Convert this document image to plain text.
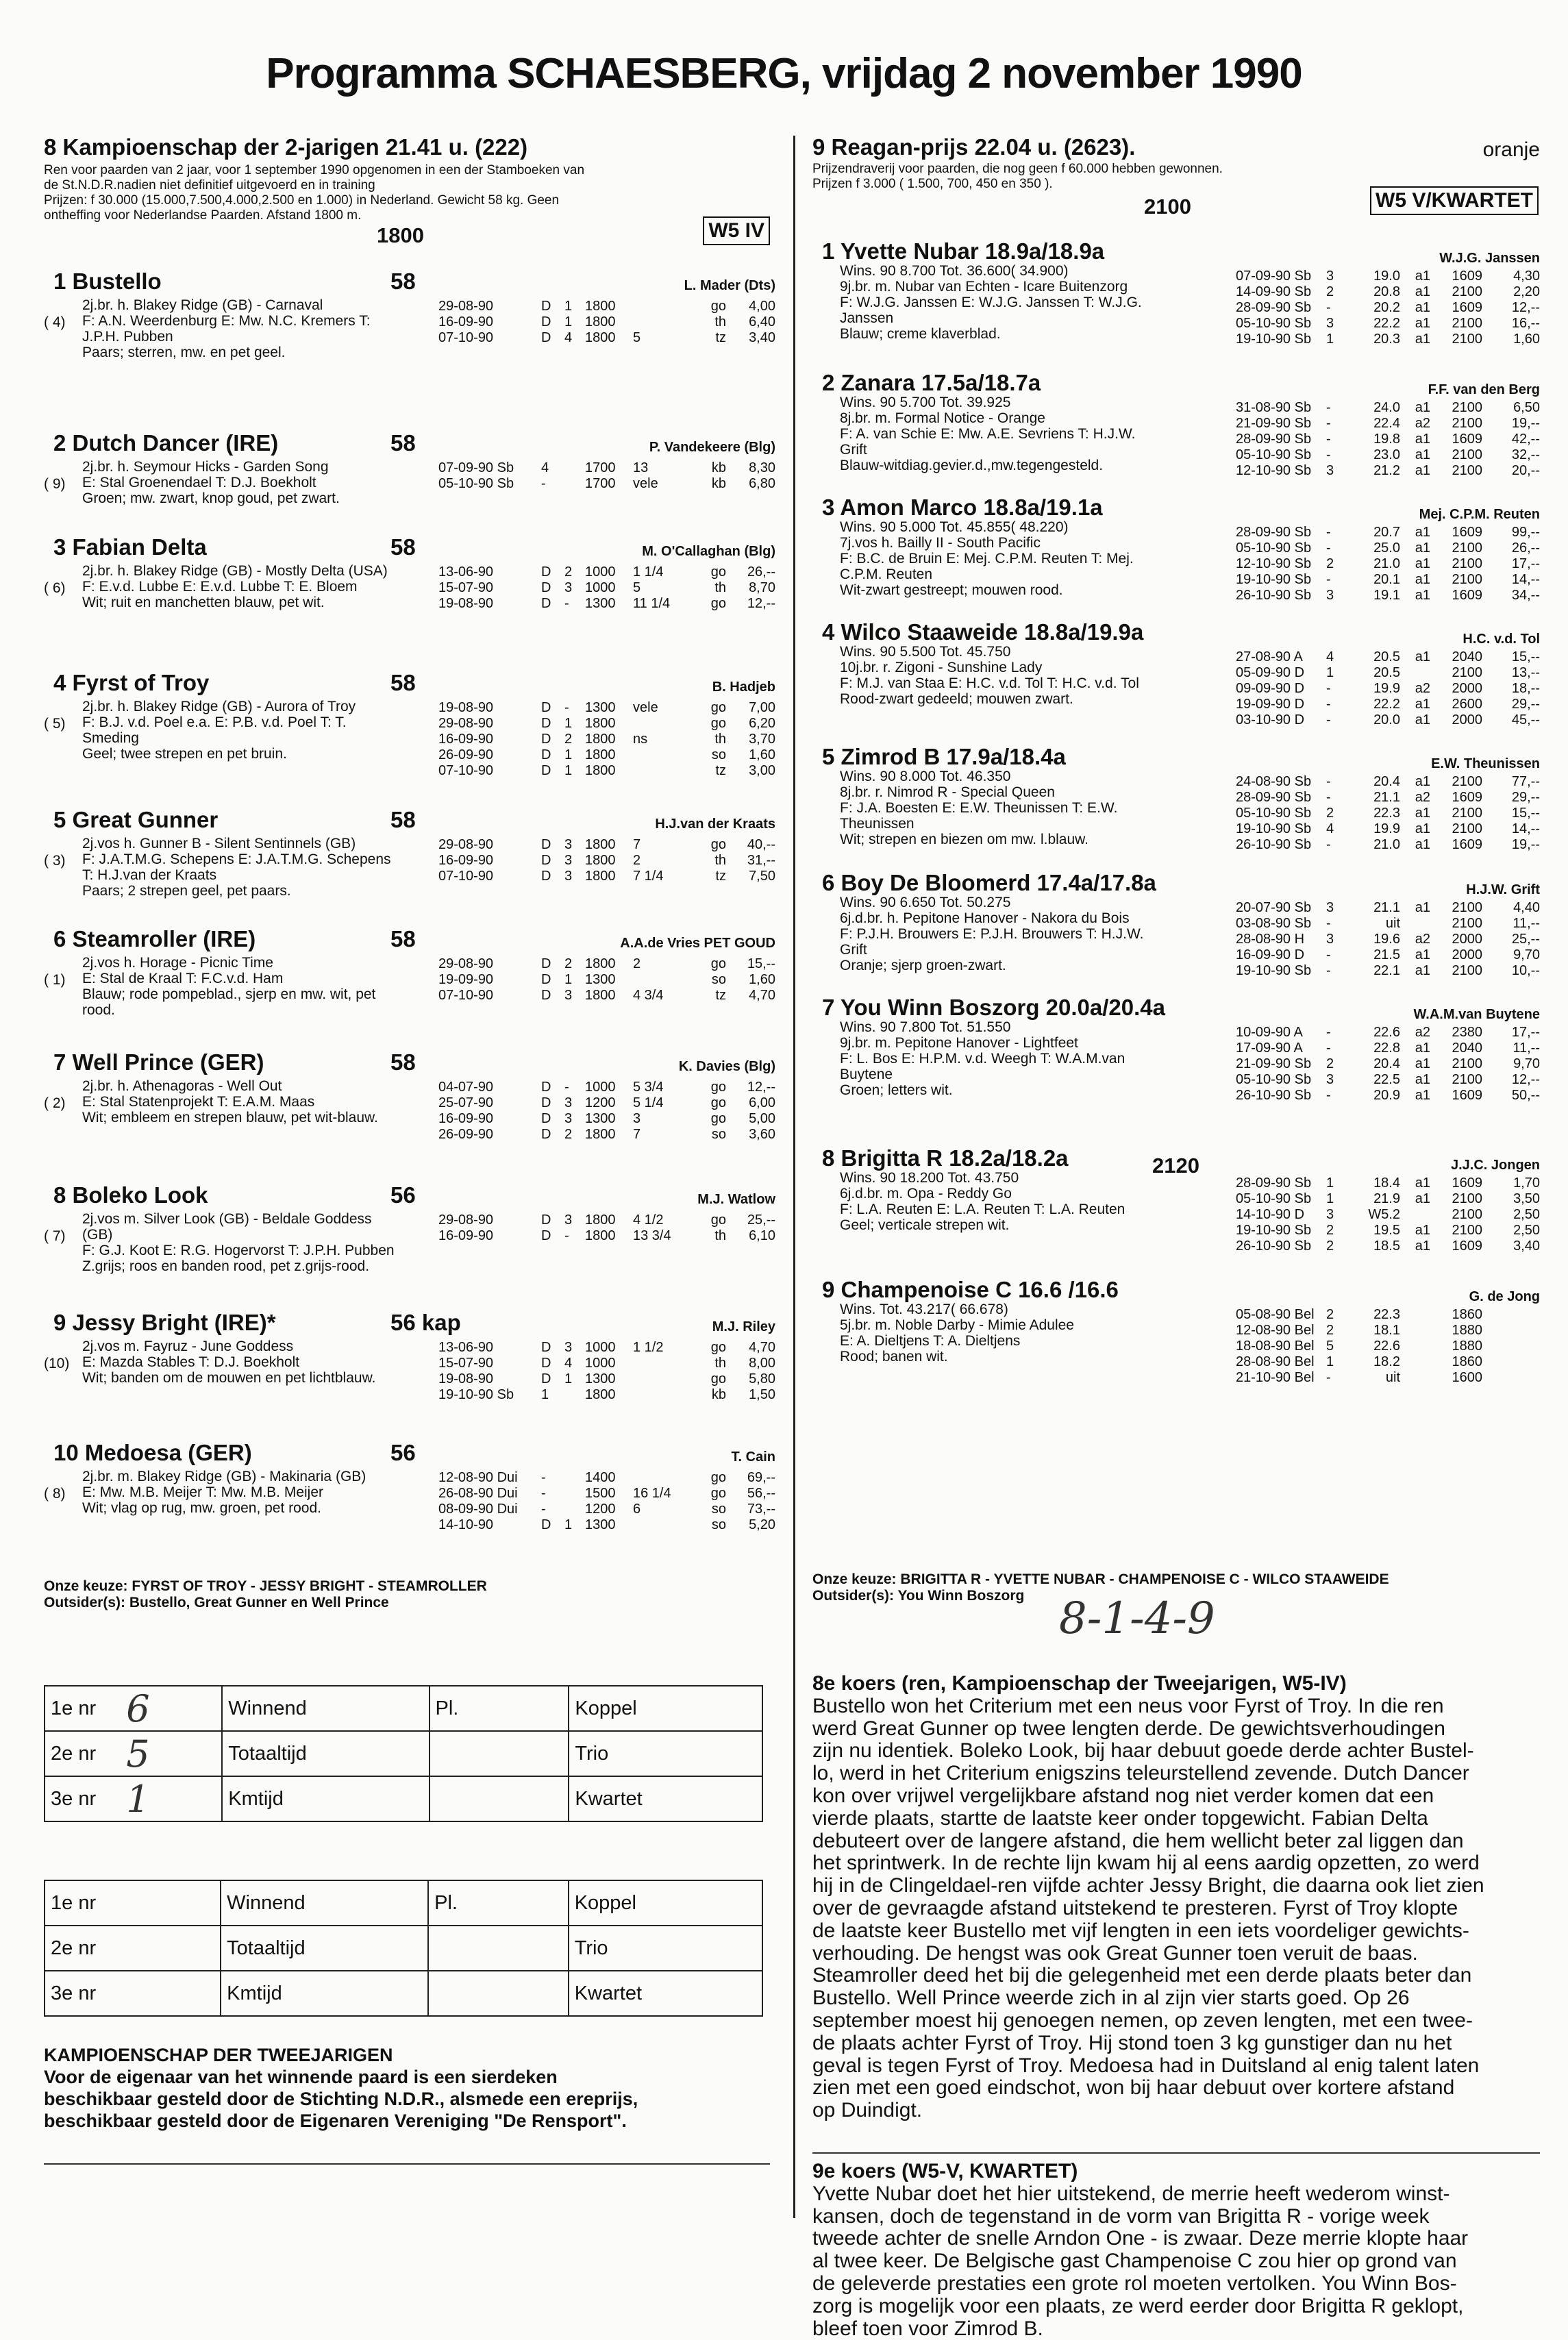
Programma SCHAESBERG, vrijdag 2 november 1990
8 Kampioenschap der 2-jarigen 21.41 u. (222)
Ren voor paarden van 2 jaar, voor 1 september 1990 opgenomen in een der Stamboeken van
de St.N.D.R.nadien niet definitief uitgevoerd en in training
Prijzen: f 30.000 (15.000,7.500,4.000,2.500 en 1.000) in Nederland. Gewicht 58 kg. Geen
ontheffing voor Nederlandse Paarden. Afstand 1800 m.
1800	W5 IV
1 Bustello	58	L. Mader (Dts)
( 4)
2j.br. h. Blakey Ridge (GB) - Carnaval
F: A.N. Weerdenburg E: Mw. N.C. Kremers T:
J.P.H. Pubben
Paars; sterren, mw. en pet geel.
29-08-90	D 1 1800	go	4,00
16-09-90	D 1 1800	th	6,40
07-10-90	D 4 1800	5	tz	3,40
2 Dutch Dancer (IRE)	58	P. Vandekeere (Blg)
( 9)
2j.br. h. Seymour Hicks - Garden Song
E: Stal Groenendael T: D.J. Boekholt
Groen; mw. zwart, knop goud, pet zwart.
07-09-90 Sb	4	1700	13	kb	8,30
05-10-90 Sb	-	1700	vele	kb	6,80
3 Fabian Delta	58	M. O'Callaghan (Blg)
( 6)
2j.br. h. Blakey Ridge (GB) - Mostly Delta (USA)
F: E.v.d. Lubbe E: E.v.d. Lubbe T: E. Bloem
Wit; ruit en manchetten blauw, pet wit.
13-06-90	D 2 1000	1 1/4	go	26,--
15-07-90	D 3 1000	5	th	8,70
19-08-90	D -	1300	11 1/4	go	12,--
4 Fyrst of Troy	58	B. Hadjeb
( 5)
2j.br. h. Blakey Ridge (GB) - Aurora of Troy
F: B.J. v.d. Poel e.a. E: P.B. v.d. Poel T: T.
Smeding
Geel; twee strepen en pet bruin.
19-08-90	D -	1300	vele	go	7,00
29-08-90	D 1 1800	go	6,20
16-09-90	D 2 1800	ns	th	3,70
26-09-90	D 1 1800	so	1,60
07-10-90	D 1 1800	tz	3,00
5 Great Gunner	58	H.J.van der Kraats
( 3)
2j.vos h. Gunner B - Silent Sentinnels (GB)
F: J.A.T.M.G. Schepens E: J.A.T.M.G. Schepens
T: H.J.van der Kraats
Paars; 2 strepen geel, pet paars.
29-08-90	D 3 1800	7	go	40,--
16-09-90	D 3 1800	2	th	31,--
07-10-90	D 3 1800	7 1/4	tz	7,50
6 Steamroller (IRE)	58	A.A.de Vries PET GOUD
( 1)
2j.vos h. Horage - Picnic Time
E: Stal de Kraal T: F.C.v.d. Ham
Blauw; rode pompeblad., sjerp en mw. wit, pet
rood.
29-08-90	D 2 1800	2	go	15,--
19-09-90	D 1 1300	so	1,60
07-10-90	D 3 1800	4 3/4	tz	4,70
7 Well Prince (GER)	58	K. Davies (Blg)
( 2)
2j.br. h. Athenagoras - Well Out
E: Stal Statenprojekt T: E.A.M. Maas
Wit; embleem en strepen blauw, pet wit-blauw.
04-07-90	D -	1000	5 3/4	go	12,--
25-07-90	D 3 1200	5 1/4	go	6,00
16-09-90	D 3 1300	3	go	5,00
26-09-90	D 2 1800	7	so	3,60
8 Boleko Look	56	M.J. Watlow
( 7)
2j.vos m. Silver Look (GB) - Beldale Goddess
(GB)
F: G.J. Koot E: R.G. Hogervorst T: J.P.H. Pubben
Z.grijs; roos en banden rood, pet z.grijs-rood.
29-08-90	D 3 1800	4 1/2	go	25,--
16-09-90	D -	1800	13 3/4	th	6,10
9 Jessy Bright (IRE)*	56 kap	M.J. Riley
(10)
2j.vos m. Fayruz - June Goddess
E: Mazda Stables T: D.J. Boekholt
Wit; banden om de mouwen en pet lichtblauw.
13-06-90	D 3 1000	1 1/2	go	4,70
15-07-90	D 4 1000	th	8,00
19-08-90	D 1 1300	go	5,80
19-10-90 Sb	1	1800	kb	1,50
10 Medoesa (GER)	56	T. Cain
( 8)
2j.br. m. Blakey Ridge (GB) - Makinaria (GB)
E: Mw. M.B. Meijer T: Mw. M.B. Meijer
Wit; vlag op rug, mw. groen, pet rood.
12-08-90 Dui	-	1400	go	69,--
26-08-90 Dui	-	1500	16 1/4	go	56,--
08-09-90 Dui	-	1200	6	so	73,--
14-10-90	D 1 1300	so	5,20
Onze keuze: FYRST OF TROY - JESSY BRIGHT - STEAMROLLER
Outsider(s): Bustello, Great Gunner en Well Prince
1e nr	6	Winnend	Pl.	Koppel
2e nr	5	Totaaltijd		Trio
3e nr	1	Kmtijd		Kwartet
1e nr		Winnend	Pl.	Koppel
2e nr		Totaaltijd		Trio
3e nr		Kmtijd		Kwartet
KAMPIOENSCHAP DER TWEEJARIGEN
Voor de eigenaar van het winnende paard is een sierdeken
beschikbaar gesteld door de Stichting N.D.R., alsmede een ereprijs,
beschikbaar gesteld door de Eigenaren Vereniging "De Rensport".
9 Reagan-prijs 22.04 u. (2623).	oranje
Prijzendraverij voor paarden, die nog geen f 60.000 hebben gewonnen.
Prijzen f 3.000 ( 1.500, 700, 450 en 350 ).
2100	W5 V/KWARTET
1 Yvette Nubar 18.9a/18.9a	W.J.G. Janssen
Wins. 90 8.700 Tot. 36.600( 34.900)
9j.br. m. Nubar van Echten - Icare Buitenzorg
F: W.J.G. Janssen E: W.J.G. Janssen T: W.J.G.
Janssen
Blauw; creme klaverblad.
07-09-90 Sb	3	19.0	a1	1609	4,30
14-09-90 Sb	2	20.8	a1	2100	2,20
28-09-90 Sb	-	20.2	a1	1609	12,--
05-10-90 Sb	3	22.2	a1	2100	16,--
19-10-90 Sb	1	20.3	a1	2100	1,60
2 Zanara 17.5a/18.7a	F.F. van den Berg
Wins. 90 5.700 Tot. 39.925
8j.br. m. Formal Notice - Orange
F: A. van Schie E: Mw. A.E. Sevriens T: H.J.W.
Grift
Blauw-witdiag.gevier.d.,mw.tegengesteld.
31-08-90 Sb	-	24.0	a1	2100	6,50
21-09-90 Sb	-	22.4	a2	2100	19,--
28-09-90 Sb	-	19.8	a1	1609	42,--
05-10-90 Sb	-	23.0	a1	2100	32,--
12-10-90 Sb	3	21.2	a1	2100	20,--
3 Amon Marco 18.8a/19.1a	Mej. C.P.M. Reuten
Wins. 90 5.000 Tot. 45.855( 48.220)
7j.vos h. Bailly II - South Pacific
F: B.C. de Bruin E: Mej. C.P.M. Reuten T: Mej.
C.P.M. Reuten
Wit-zwart gestreept; mouwen rood.
28-09-90 Sb	-	20.7	a1	1609	99,--
05-10-90 Sb	-	25.0	a1	2100	26,--
12-10-90 Sb	2	21.0	a1	2100	17,--
19-10-90 Sb	-	20.1	a1	2100	14,--
26-10-90 Sb	3	19.1	a1	1609	34,--
4 Wilco Staaweide 18.8a/19.9a	H.C. v.d. Tol
Wins. 90 5.500 Tot. 45.750
10j.br. r. Zigoni - Sunshine Lady
F: M.J. van Staa E: H.C. v.d. Tol T: H.C. v.d. Tol
Rood-zwart gedeeld; mouwen zwart.
27-08-90 A	4	20.5	a1	2040	15,--
05-09-90 D	1	20.5	2100	13,--
09-09-90 D	-	19.9	a2	2000	18,--
19-09-90 D	-	22.2	a1	2600	29,--
03-10-90 D	-	20.0	a1	2000	45,--
5 Zimrod B 17.9a/18.4a	E.W. Theunissen
Wins. 90 8.000 Tot. 46.350
8j.br. r. Nimrod R - Special Queen
F: J.A. Boesten E: E.W. Theunissen T: E.W.
Theunissen
Wit; strepen en biezen om mw. l.blauw.
24-08-90 Sb	-	20.4	a1	2100	77,--
28-09-90 Sb	-	21.1	a2	1609	29,--
05-10-90 Sb	2	22.3	a1	2100	15,--
19-10-90 Sb	4	19.9	a1	2100	14,--
26-10-90 Sb	-	21.0	a1	1609	19,--
6 Boy De Bloomerd 17.4a/17.8a	H.J.W. Grift
Wins. 90 6.650 Tot. 50.275
6j.d.br. h. Pepitone Hanover - Nakora du Bois
F: P.J.H. Brouwers E: P.J.H. Brouwers T: H.J.W.
Grift
Oranje; sjerp groen-zwart.
20-07-90 Sb	3	21.1	a1	2100	4,40
03-08-90 Sb	-	uit	2100	11,--
28-08-90 H	3	19.6	a2	2000	25,--
16-09-90 D	-	21.5	a1	2000	9,70
19-10-90 Sb	-	22.1	a1	2100	10,--
7 You Winn Boszorg 20.0a/20.4a	W.A.M.van Buytene
Wins. 90 7.800 Tot. 51.550
9j.br. m. Pepitone Hanover - Lightfeet
F: L. Bos E: H.P.M. v.d. Weegh T: W.A.M.van
Buytene
Groen; letters wit.
10-09-90 A	-	22.6	a2	2380	17,--
17-09-90 A	-	22.8	a1	2040	11,--
21-09-90 Sb	2	20.4	a1	2100	9,70
05-10-90 Sb	3	22.5	a1	2100	12,--
26-10-90 Sb	-	20.9	a1	1609	50,--
8 Brigitta R 18.2a/18.2a	J.J.C. Jongen
Wins. 90 18.200 Tot. 43.750
6j.d.br. m. Opa - Reddy Go
F: L.A. Reuten E: L.A. Reuten T: L.A. Reuten
Geel; verticale strepen wit.
28-09-90 Sb	1	18.4	a1	1609	1,70
05-10-90 Sb	1	21.9	a1	2100	3,50
14-10-90 D	3	W5.2	2100	2,50
19-10-90 Sb	2	19.5	a1	2100	2,50
26-10-90 Sb	2	18.5	a1	1609	3,40
9 Champenoise C 16.6 /16.6	G. de Jong
Wins. Tot. 43.217( 66.678)
5j.br. m. Noble Darby - Mimie Adulee
E: A. Dieltjens T: A. Dieltjens
Rood; banen wit.
05-08-90 Bel 2	22.3	1860
12-08-90 Bel 2	18.1	1880
18-08-90 Bel 5	22.6	1880
28-08-90 Bel 1	18.2	1860
21-10-90 Bel -	uit	1600
2120
Onze keuze: BRIGITTA R - YVETTE NUBAR - CHAMPENOISE C - WILCO STAAWEIDE
Outsider(s): You Winn Boszorg 8-1-4-9
8e koers (ren, Kampioenschap der Tweejarigen, W5-IV)
Bustello won het Criterium met een neus voor Fyrst of Troy. In die ren
werd Great Gunner op twee lengten derde. De gewichtsverhoudingen
zijn nu identiek. Boleko Look, bij haar debuut goede derde achter Bustel-
lo, werd in het Criterium enigszins teleurstellend zevende. Dutch Dancer
kon over vrijwel vergelijkbare afstand nog niet verder komen dat een
vierde plaats, startte de laatste keer onder topgewicht. Fabian Delta
debuteert over de langere afstand, die hem wellicht beter zal liggen dan
het sprintwerk. In de rechte lijn kwam hij al eens aardig opzetten, zo werd
hij in de Clingeldael-ren vijfde achter Jessy Bright, die daarna ook liet zien
over de gevraagde afstand uitstekend te presteren. Fyrst of Troy klopte
de laatste keer Bustello met vijf lengten in een iets voordeliger gewichts-
verhouding. De hengst was ook Great Gunner toen veruit de baas.
Steamroller deed het bij die gelegenheid met een derde plaats beter dan
Bustello. Well Prince weerde zich in al zijn vier starts goed. Op 26
september moest hij genoegen nemen, op zeven lengten, met een twee-
de plaats achter Fyrst of Troy. Hij stond toen 3 kg gunstiger dan nu het
geval is tegen Fyrst of Troy. Medoesa had in Duitsland al enig talent laten
zien met een goed eindschot, won bij haar debuut over kortere afstand
op Duindigt.
9e koers (W5-V, KWARTET)
Yvette Nubar doet het hier uitstekend, de merrie heeft wederom winst-
kansen, doch de tegenstand in de vorm van Brigitta R - vorige week
tweede achter de snelle Arndon One - is zwaar. Deze merrie klopte haar
al twee keer. De Belgische gast Champenoise C zou hier op grond van
de geleverde prestaties een grote rol moeten vertolken. You Winn Bos-
zorg is mogelijk voor een plaats, ze werd eerder door Brigitta R geklopt,
bleef toen voor Zimrod B.
